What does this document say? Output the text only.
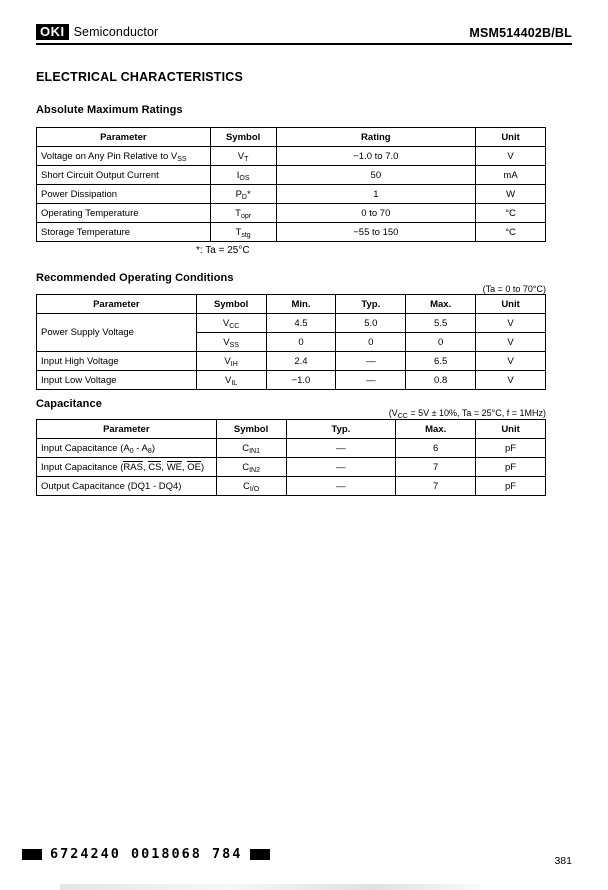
OKI Semiconductor	MSM514402B/BL
ELECTRICAL CHARACTERISTICS
Absolute Maximum Ratings
Parameter	Symbol	Rating	Unit
Voltage on Any Pin Relative to $V_{SS}$	$V_T$	−1.0 to 7.0	V
Short Circuit Output Current	$I_{OS}$	50	mA
Power Dissipation	$P_D*$	1	W
Operating Temperature	$T_{opr}$	0 to 70	°C
Storage Temperature	$T_{stg}$	−55 to 150	°C
*: Ta = 25°C
Recommended Operating Conditions
(Ta = 0 to 70°C)
Parameter	Symbol	Min.	Typ.	Max.	Unit
Power Supply Voltage	$V_{CC}$	4.5	5.0	5.5	V
	$V_{SS}$	0	0	0	V
Input High Voltage	$V_{IH}$	2.4	—	6.5	V
Input Low Voltage	$V_{IL}$	−1.0	—	0.8	V
Capacitance
($V_{CC} = 5V \pm 10\%$, Ta = 25°C, f = 1MHz)
Parameter	Symbol	Typ.	Max.	Unit
Input Capacitance $(A_0 - A_8)$	$C_{IN1}$	—	6	pF
Input Capacitance (RAS, CS, WE, OE)	$C_{IN2}$	—	7	pF
Output Capacitance (DQ1 - DQ4)	$C_{I/O}$	—	7	pF
6724240 0018068 784	381
